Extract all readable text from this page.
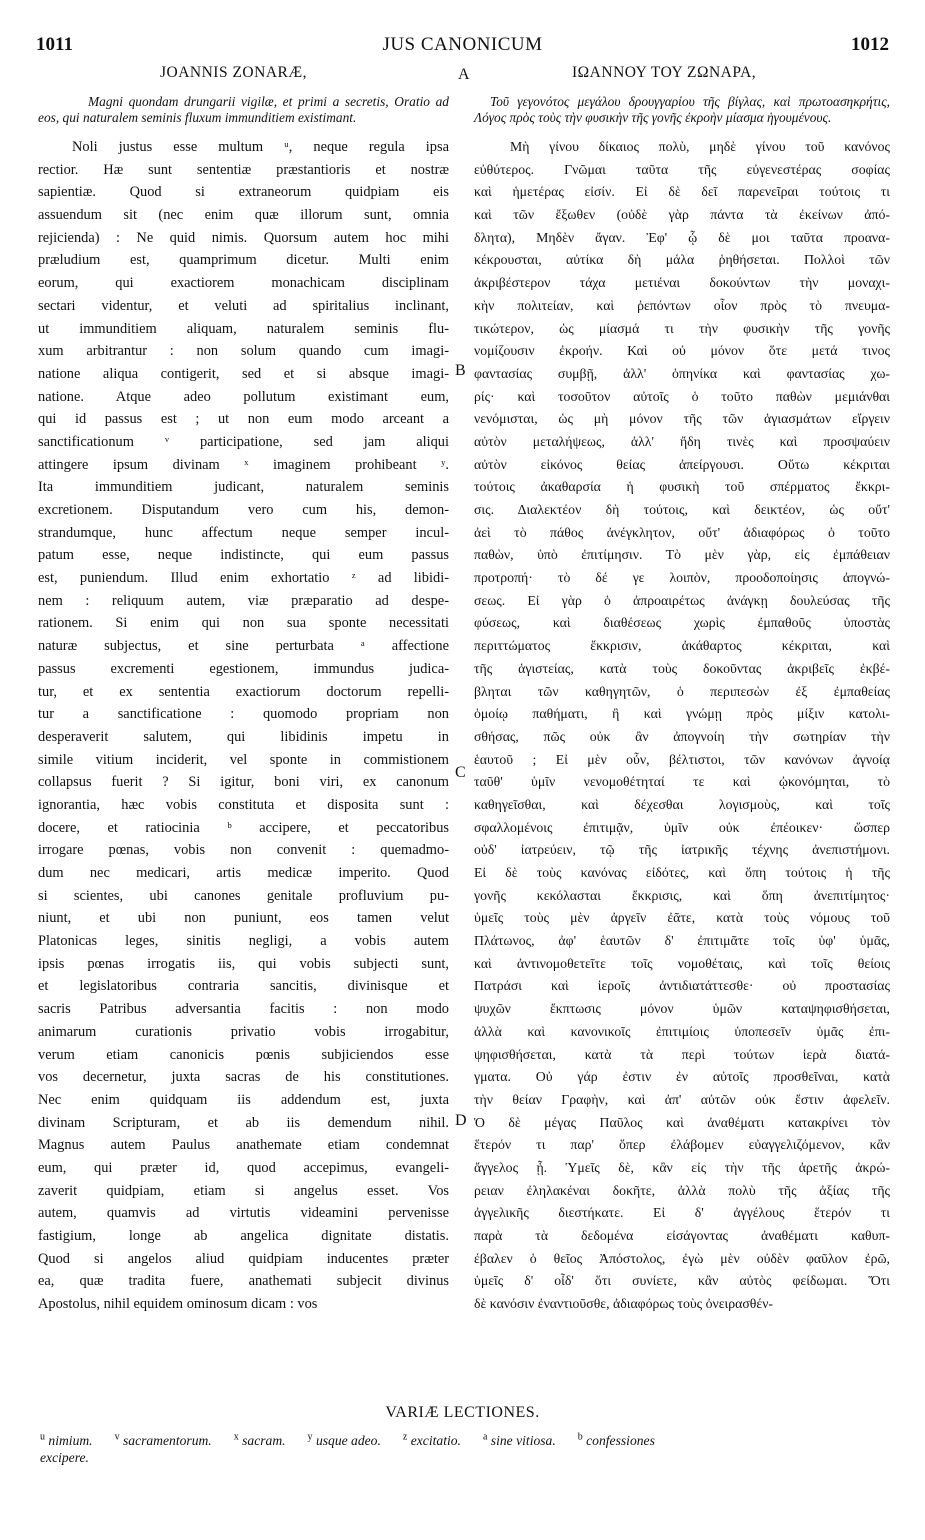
1011	JUS CANONICUM	1012
JOANNIS ZONARÆ,	ΙΩΑΝΝΟΥ ΤΟΥ ΖΩΝΑΡΑ,
A
B
C
D

Magni quondam drungarii vigilæ, et primi a secretis, Oratio ad eos, qui naturalem seminis fluxum immunditiem existimant.

Noli justus esse multum ᵘ, neque regula ipsa
rectior. Hæ sunt sententiæ præstantioris et nostræ
sapientiæ. Quod si extraneorum quidpiam eis
assuendum sit (nec enim quæ illorum sunt, omnia
rejicienda) : Ne quid nimis. Quorsum autem hoc mihi
præludium est, quamprimum dicetur. Multi enim
eorum, qui exactiorem monachicam disciplinam
sectari videntur, et veluti ad spiritalius inclinant,
ut immunditiem aliquam, naturalem seminis flu-
xum arbitrantur : non solum quando cum imagi-
natione aliqua contigerit, sed et si absque imagi-
natione. Atque adeo pollutum existimant eum,
qui id passus est ; ut non eum modo arceant a
sanctificationum ᵛ participatione, sed jam aliqui
attingere ipsum divinam ˣ imaginem prohibeant ʸ.
Ita immunditiem judicant, naturalem seminis
excretionem. Disputandum vero cum his, demon-
strandumque, hunc affectum neque semper incul-
patum esse, neque indistincte, qui eum passus
est, puniendum. Illud enim exhortatio ᶻ ad libidi-
nem : reliquum autem, viæ præparatio ad despe-
rationem. Si enim qui non sua sponte necessitati
naturæ subjectus, et sine perturbata ᵃ affectione
passus excrementi egestionem, immundus judica-
tur, et ex sententia exactiorum doctorum repelli-
tur a sanctificatione : quomodo propriam non
desperaverit salutem, qui libidinis impetu in
simile vitium inciderit, vel sponte in commistionem
collapsus fuerit ? Si igitur, boni viri, ex canonum
ignorantia, hæc vobis constituta et disposita sunt :
docere, et ratiocinia ᵇ accipere, et peccatoribus
irrogare pœnas, vobis non convenit : quemadmo-
dum nec medicari, artis medicæ imperito. Quod
si scientes, ubi canones genitale profluvium pu-
niunt, et ubi non puniunt, eos tamen velut
Platonicas leges, sinitis negligi, a vobis autem
ipsis pœnas irrogatis iis, qui vobis subjecti sunt,
et legislatoribus contraria sancitis, divinisque et
sacris Patribus adversantia facitis : non modo
animarum curationis privatio vobis irrogabitur,
verum etiam canonicis pœnis subjiciendos esse
vos decernetur, juxta sacras de his constitutiones.
Nec enim quidquam iis addendum est, juxta
divinam Scripturam, et ab iis demendum nihil.
Magnus autem Paulus anathemate etiam condemnat
eum, qui præter id, quod accepimus, evangeli-
zaverit quidpiam, etiam si angelus esset. Vos
autem, quamvis ad virtutis videamini pervenisse
fastigium, longe ab angelica dignitate distatis.
Quod si angelos aliud quidpiam inducentes præter
ea, quæ tradita fuere, anathemati subjecit divinus
Apostolus, nihil equidem ominosum dicam : vos

Τοῦ γεγονότος μεγάλου δρουγγαρίου τῆς βίγλας, καὶ πρωτοασηκρήτις, Λόγος πρὸς τοὺς τὴν φυσικὴν τῆς γονῆς ἐκροὴν μίασμα ἡγουμένους.

Μὴ γίνου δίκαιος πολὺ, μηδὲ γίνου τοῦ κανόνος
εὐθύτερος. Γνῶμαι ταῦτα τῆς εὐγενεστέρας σοφίας
καὶ ἡμετέρας εἰσίν. Εἰ δὲ δεῖ παρενεῖραι τούτοις τι
καὶ τῶν ἔξωθεν (οὐδὲ γὰρ πάντα τὰ ἐκείνων ἀπό-
δλητα), Μηδὲν ἄγαν. Ἐφ' ᾧ δὲ μοι ταῦτα προανα-
κέκρουσται, αὐτίκα δὴ μάλα ῥηθήσεται. Πολλοὶ τῶν
ἀκριβέστερον τάχα μετιέναι δοκούντων τὴν μοναχι-
κὴν πολιτείαν, καὶ ῥεπόντων οἷον πρὸς τὸ πνευμα-
τικώτερον, ὡς μίασμά τι τὴν φυσικὴν τῆς γονῆς
νομίζουσιν ἐκροήν. Καὶ οὐ μόνον ὅτε μετά τινος
φαντασίας συμβῇ, ἀλλ' ὁπηνίκα καὶ φαντασίας χω-
ρίς· καὶ τοσοῦτον αὐτοῖς ὁ τοῦτο παθὼν μεμιάνθαι
νενόμισται, ὡς μὴ μόνον τῆς τῶν ἁγιασμάτων εἴργειν
αὐτὸν μεταλήψεως, ἀλλ' ἤδη τινὲς καὶ προσψαύειν
αὐτὸν εἰκόνος θείας ἀπείργουσι. Οὕτω κέκριται
τούτοις ἀκαθαρσία ἡ φυσικὴ τοῦ σπέρματος ἔκκρι-
σις. Διαλεκτέον δὴ τούτοις, καὶ δεικτέον, ὡς οὔτ'
ἀεὶ τὸ πάθος ἀνέγκλητον, οὔτ' ἀδιαφόρως ὁ τοῦτο
παθὼν, ὑπὸ ἐπιτίμησιν. Τὸ μὲν γὰρ, εἰς ἐμπάθειαν
προτροπή· τὸ δέ γε λοιπὸν, προοδοποίησις ἀπογνώ-
σεως. Εἰ γὰρ ὁ ἀπροαιρέτως ἀνάγκῃ δουλεύσας τῆς
φύσεως, καὶ διαθέσεως χωρὶς ἐμπαθοῦς ὑποστὰς
περιττώματος ἔκκρισιν, ἀκάθαρτος κέκριται, καὶ
τῆς ἁγιστείας, κατὰ τοὺς δοκοῦντας ἀκριβεῖς ἐκβέ-
βληται τῶν καθηγητῶν, ὁ περιπεσὼν ἐξ ἐμπαθείας
ὁμοίῳ παθήματι, ἢ καὶ γνώμῃ πρὸς μίξιν κατολι-
σθήσας, πῶς οὐκ ἂν ἀπογνοίη τὴν σωτηρίαν τὴν
ἑαυτοῦ ; Εἰ μὲν οὖν, βέλτιστοι, τῶν κανόνων ἀγνοίᾳ
ταῦθ' ὑμῖν νενομοθέτηταί τε καὶ ᾠκονόμηται, τὸ
καθηγεῖσθαι, καὶ δέχεσθαι λογισμοὺς, καὶ τοῖς
σφαλλομένοις ἐπιτιμᾷν, ὑμῖν οὐκ ἐπέοικεν· ὥσπερ
οὐδ' ἰατρεύειν, τῷ τῆς ἰατρικῆς τέχνης ἀνεπιστήμονι.
Εἰ δὲ τοὺς κανόνας εἰδότες, καὶ ὅπη τούτοις ἡ τῆς
γονῆς κεκόλασται ἔκκρισις, καὶ ὅπη ἀνεπιτίμητος·
ὑμεῖς τοὺς μὲν ἀργεῖν ἐᾶτε, κατὰ τοὺς νόμους τοῦ
Πλάτωνος, ἀφ' ἑαυτῶν δ' ἐπιτιμᾶτε τοῖς ὑφ' ὑμᾶς,
καὶ ἀντινομοθετεῖτε τοῖς νομοθέταις, καὶ τοῖς θείοις
Πατράσι καὶ ἱεροῖς ἀντιδιατάττεσθε· οὐ προστασίας
ψυχῶν ἔκπτωσις μόνον ὑμῶν καταψηφισθήσεται,
ἀλλὰ καὶ κανονικοῖς ἐπιτιμίοις ὑποπεσεῖν ὑμᾶς ἐπι-
ψηφισθήσεται, κατὰ τὰ περὶ τούτων ἱερὰ διατά-
γματα. Οὐ γάρ ἐστιν ἐν αὐτοῖς προσθεῖναι, κατὰ
τὴν θείαν Γραφὴν, καὶ ἀπ' αὐτῶν οὐκ ἔστιν ἀφελεῖν.
Ὁ δὲ μέγας Παῦλος καὶ ἀναθέματι κατακρίνει τὸν
ἕτερόν τι παρ' ὅπερ ἐλάβομεν εὐαγγελιζόμενον, κἂν
ἄγγελος ᾖ. Ὑμεῖς δὲ, κἂν εἰς τὴν τῆς ἀρετῆς ἀκρώ-
ρειαν ἐληλακέναι δοκῆτε, ἀλλὰ πολὺ τῆς ἀξίας τῆς
ἀγγελικῆς διεστήκατε. Εἰ δ' ἀγγέλους ἕτερόν τι
παρὰ τὰ δεδομένα εἰσάγοντας ἀναθέματι καθυπ-
έβαλεν ὁ θεῖος Ἀπόστολος, ἐγὼ μὲν οὐδὲν φαῦλον ἐρῶ,
ὑμεῖς δ' οἶδ' ὅτι συνίετε, κἂν αὐτὸς φείδωμαι. Ὅτι
δὲ κανόσιν ἐναντιοῦσθε, ἀδιαφόρως τοὺς ὀνειρασθέν-
VARIÆ LECTIONES.
$^u$ nimium. $^v$ sacramentorum. $^x$ sacram. $^y$ usque adeo. $^z$ excitatio. $^a$ sine vitiosa. $^b$ confessiones
excipere.
